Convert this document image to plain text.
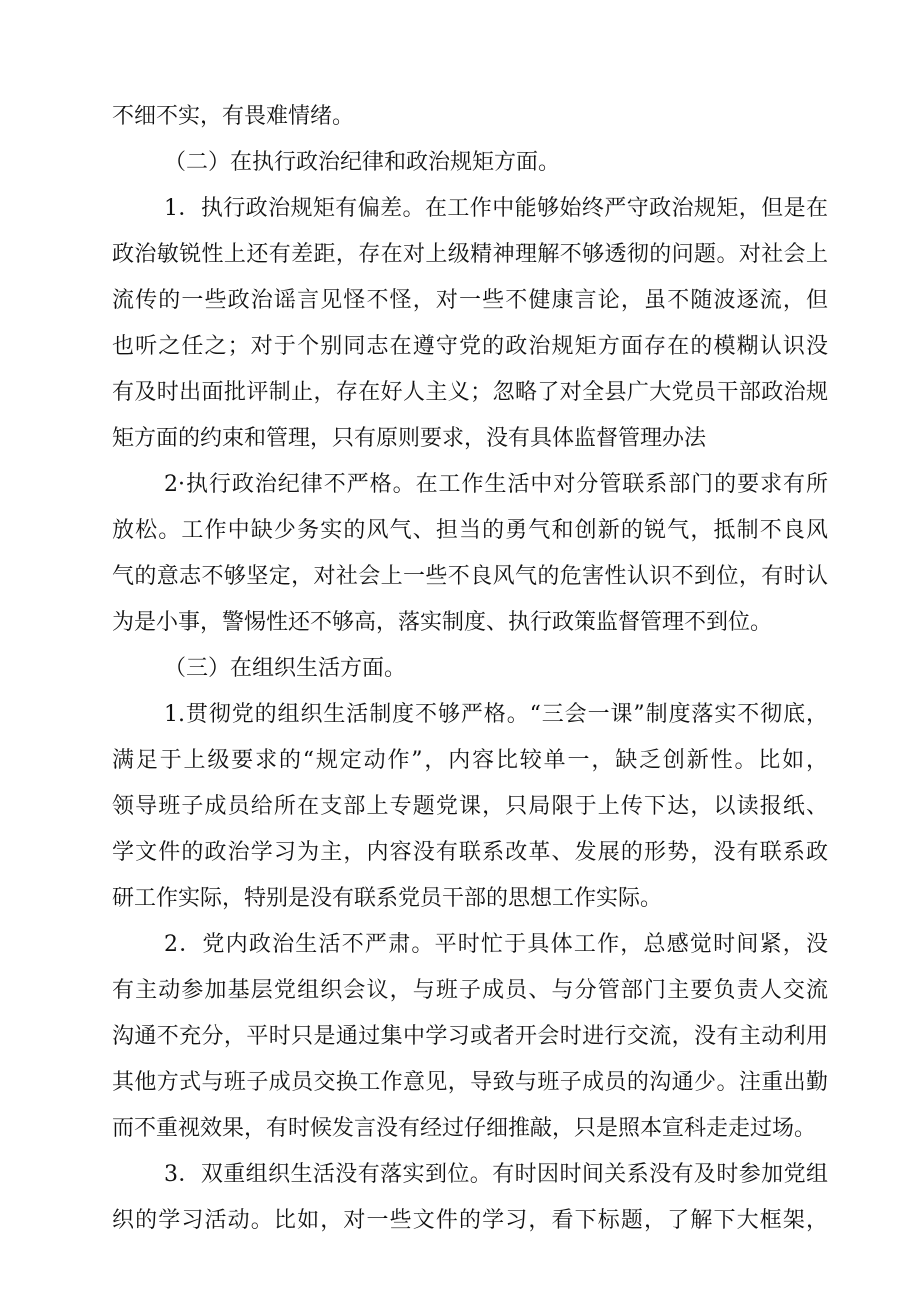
不细不实，有畏难情绪。
（二）在执行政治纪律和政治规矩方面。
1．执行政治规矩有偏差。在工作中能够始终严守政治规矩，但是在
政治敏锐性上还有差距，存在对上级精神理解不够透彻的问题。对社会上
流传的一些政治谣言见怪不怪，对一些不健康言论，虽不随波逐流，但
也听之任之；对于个别同志在遵守党的政治规矩方面存在的模糊认识没
有及时出面批评制止，存在好人主义；忽略了对全县广大党员干部政治规
矩方面的约束和管理，只有原则要求，没有具体监督管理办法
2·执行政治纪律不严格。在工作生活中对分管联系部门的要求有所
放松。工作中缺少务实的风气、担当的勇气和创新的锐气，抵制不良风
气的意志不够坚定，对社会上一些不良风气的危害性认识不到位，有时认
为是小事，警惕性还不够高，落实制度、执行政策监督管理不到位。
（三）在组织生活方面。
1.贯彻党的组织生活制度不够严格。“三会一课”制度落实不彻底，
满足于上级要求的“规定动作”，内容比较单一，缺乏创新性。比如，
领导班子成员给所在支部上专题党课，只局限于上传下达，以读报纸、
学文件的政治学习为主，内容没有联系改革、发展的形势，没有联系政
研工作实际，特别是没有联系党员干部的思想工作实际。
2．党内政治生活不严肃。平时忙于具体工作，总感觉时间紧，没
有主动参加基层党组织会议，与班子成员、与分管部门主要负责人交流
沟通不充分，平时只是通过集中学习或者开会时进行交流，没有主动利用
其他方式与班子成员交换工作意见，导致与班子成员的沟通少。注重出勤
而不重视效果，有时候发言没有经过仔细推敲，只是照本宣科走走过场。
3．双重组织生活没有落实到位。有时因时间关系没有及时参加党组
织的学习活动。比如，对一些文件的学习，看下标题，了解下大框架，
